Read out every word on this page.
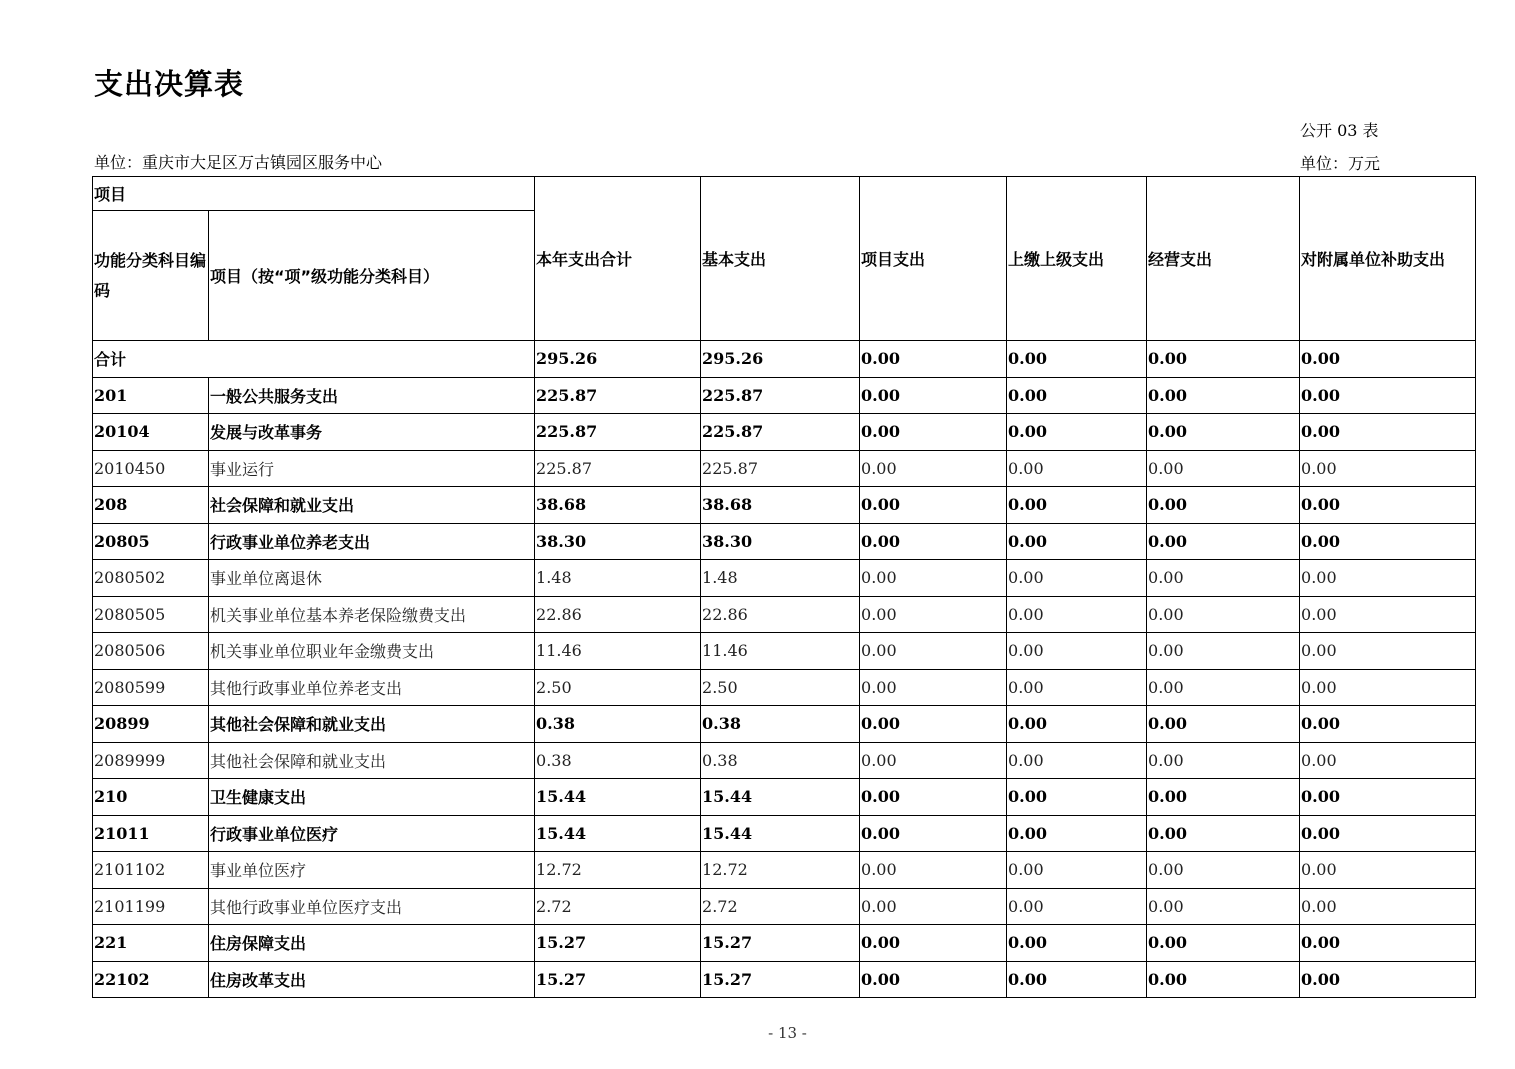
支出决算表
公开 03 表
单位：重庆市大足区万古镇园区服务中心	单位：万元
项目		本年支出合计	基本支出	项目支出	上缴上级支出	经营支出	对附属单位补助支出
功能分类科目编码	项目（按“项”级功能分类科目）						
合计		295.26	295.26	0.00	0.00	0.00	0.00
201	一般公共服务支出	225.87	225.87	0.00	0.00	0.00	0.00
20104	发展与改革事务	225.87	225.87	0.00	0.00	0.00	0.00
2010450	事业运行	225.87	225.87	0.00	0.00	0.00	0.00
208	社会保障和就业支出	38.68	38.68	0.00	0.00	0.00	0.00
20805	行政事业单位养老支出	38.30	38.30	0.00	0.00	0.00	0.00
2080502	事业单位离退休	1.48	1.48	0.00	0.00	0.00	0.00
2080505	机关事业单位基本养老保险缴费支出	22.86	22.86	0.00	0.00	0.00	0.00
2080506	机关事业单位职业年金缴费支出	11.46	11.46	0.00	0.00	0.00	0.00
2080599	其他行政事业单位养老支出	2.50	2.50	0.00	0.00	0.00	0.00
20899	其他社会保障和就业支出	0.38	0.38	0.00	0.00	0.00	0.00
2089999	其他社会保障和就业支出	0.38	0.38	0.00	0.00	0.00	0.00
210	卫生健康支出	15.44	15.44	0.00	0.00	0.00	0.00
21011	行政事业单位医疗	15.44	15.44	0.00	0.00	0.00	0.00
2101102	事业单位医疗	12.72	12.72	0.00	0.00	0.00	0.00
2101199	其他行政事业单位医疗支出	2.72	2.72	0.00	0.00	0.00	0.00
221	住房保障支出	15.27	15.27	0.00	0.00	0.00	0.00
22102	住房改革支出	15.27	15.27	0.00	0.00	0.00	0.00
- 13 -
